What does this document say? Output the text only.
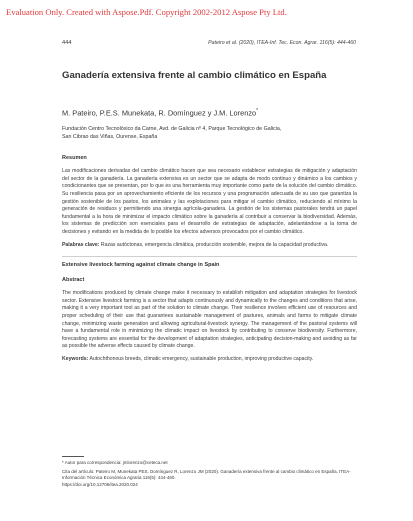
Evaluation Only. Created with Aspose.Pdf. Copyright 2002-2012 Aspose Pty Ltd.
444	Pateiro et al. (2020), ITEA-Inf. Tec. Econ. Agrar. 116(5): 444-460
Ganadería extensiva frente al cambio climático en España
M. Pateiro, P.E.S. Munekata, R. Domínguez y J.M. Lorenzo*
Fundación Centro Tecnolóxico da Carne, Avd. de Galicia nº 4, Parque Tecnológico de Galicia,
San Cibrao das Viñas, Ourense, España
Resumen
Las modificaciones derivadas del cambio climático hacen que sea necesario establecer estrategias de mitigación y adaptación del sector de la ganadería. La ganadería extensiva es un sector que se adapta de modo continuo y dinámico a los cambios y condicionantes que se presentan, por lo que es una herramienta muy importante como parte de la solución del cambio climático. Su resiliencia pasa por un aprovechamiento eficiente de los recursos y una programación adecuada de su uso que garantiza la gestión sostenible de los pastos, los animales y las explotaciones para mitigar el cambio climático, reduciendo al mínimo la generación de residuos y permitiendo una sinergia agrícola-ganadera. La gestión de los sistemas pastorales tendrá un papel fundamental a la hora de minimizar el impacto climático sobre la ganadería al contribuir a conservar la biodiversidad. Además, los sistemas de predicción son esenciales para el desarrollo de estrategias de adaptación, adelantándose a la toma de decisiones y evitando en la medida de lo posible los efectos adversos provocados por el cambio climático.
Palabras clave: Razas autóctonas, emergencia climática, producción sostenible, mejora de la capacidad productiva.
Extensive livestock farming against climate change in Spain
Abstract
The modifications produced by climate change make it necessary to establish mitigation and adaptation strategies for livestock sector. Extensive livestock farming is a sector that adapts continuously and dynamically to the changes and conditions that arise, making it a very important tool as part of the solution to climate change. Their resilience involves efficient use of resources and proper scheduling of their use that guarantees sustainable management of pastures, animals and farms to mitigate climate change, minimizing waste generation and allowing agricultural-livestock synergy. The management of the pastoral systems will have a fundamental role in minimizing the climatic impact on livestock by contributing to conserve biodiversity. Furthermore, forecasting systems are essential for the development of adaptation strategies, anticipating decision-making and avoiding as far as possible the adverse effects caused by climate change.
Keywords: Autochthonous breeds, climatic emergency, sustainable production, improving productive capacity.
* Autor para correspondencia: jmlorenzo@ceteca.net
Cita del artículo: Pateiro M, Munekata PES, Domínguez R, Lorenzo JM (2020). Ganadería extensiva frente al cambio climático en España. ITEA-Información Técnica Económica Agraria 116(5): 444-460.
https://doi.org/10.12706/itea.2020.024
